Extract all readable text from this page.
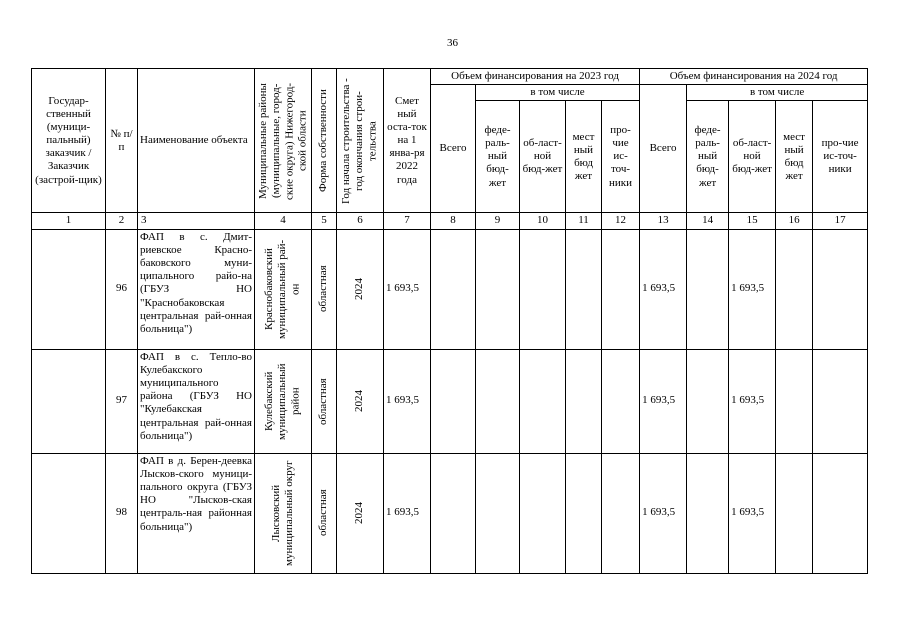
36
Государ-ственный (муници-пальный) заказчик / Заказчик (застрой-щик)	№ п/п	Наименование объекта	Муниципальные районы (муниципальные, город-ские округа) Нижегород-ской области	Форма собственности	Год начала строительства - год окончания строи-тельства	Смет ный оста-ток на 1 янва-ря 2022 года	Объем финансирования на 2023 год					Объем финансирования на 2024 год				
							Всего	в том числе				Всего	в том числе			
								феде-раль-ный бюд-жет	об-ласт-ной бюд-жет	мест ный бюд жет	про-чие ис-точ-ники		феде-раль-ный бюд-жет	об-ласт-ной бюд-жет	мест ный бюд жет	про-чие ис-точ-ники
1	2	3	4	5	6	7	8	9	10	11	12	13	14	15	16	17
	96	ФАП в с. Дмит-риевское Красно-баковского муни-ципального райо-на (ГБУЗ НО "Краснобаковская центральная рай-онная больница")	Краснобаковский муниципальный рай-он	областная	2024	1 693,5						1 693,5		1 693,5		
	97	ФАП в с. Тепло-во Кулебакского муниципального района (ГБУЗ НО "Кулебакская центральная рай-онная больница")	Кулебакский муниципальный район	областная	2024	1 693,5						1 693,5		1 693,5		
	98	ФАП в д. Берен-деевка Лысков-ского муници-пального округа (ГБУЗ НО "Лысков-ская централь-ная районная больница")	Лысковский муниципальный округ	областная	2024	1 693,5						1 693,5		1 693,5		
